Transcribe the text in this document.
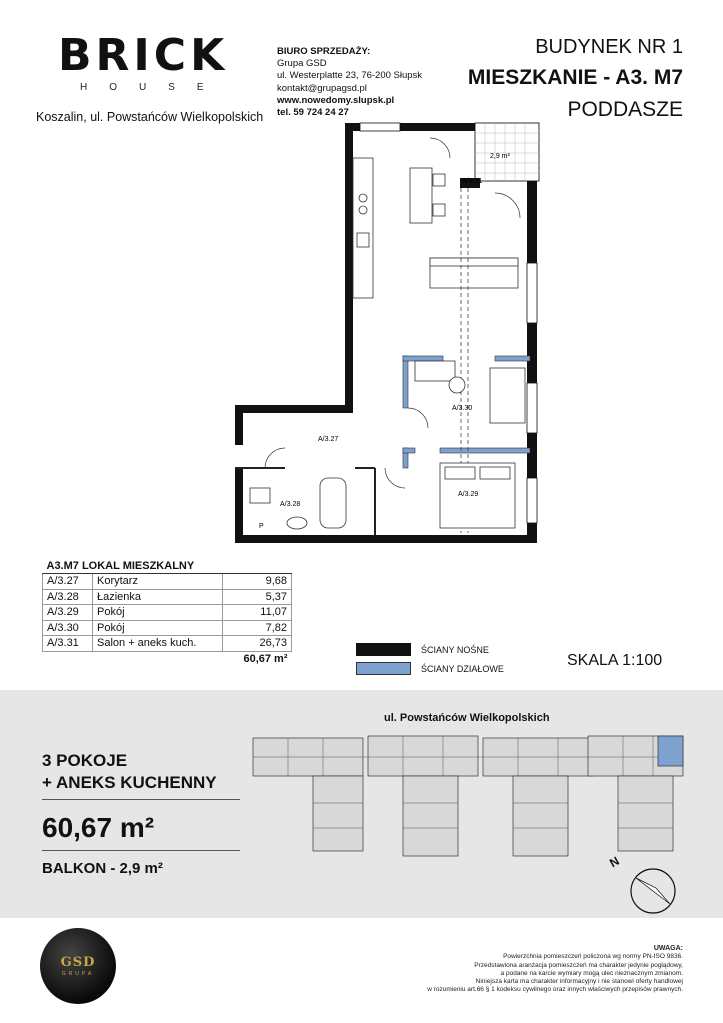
BRICK
HOUSE
Koszalin, ul. Powstańców Wielkopolskich
BIURO SPRZEDAŻY:
Grupa GSD
ul. Westerplatte 23, 76-200 Słupsk
kontakt@grupagsd.pl
www.nowedomy.slupsk.pl
tel. 59 724 24 27
BUDYNEK NR 1
MIESZKANIE - A3. M7
PODDASZE
2,9 m²
A/3.31
A/3.30
A/3.27
A/3.28
A/3.29
P
A3.M7 LOKAL MIESZKALNY		
A/3.27	Korytarz	9,68
A/3.28	Łazienka	5,37
A/3.29	Pokój	11,07
A/3.30	Pokój	7,82
A/3.31	Salon + aneks kuch.	26,73
		60,67 m²
ŚCIANY NOŚNE
ŚCIANY DZIAŁOWE	SKALA 1:100
3 POKOJE
+ ANEKS KUCHENNY
60,67 m²
BALKON - 2,9 m²
ul. Powstańców Wielkopolskich
N
GSD
GRUPA
UWAGA:
Powierzchnia pomieszczeń policzona wg normy PN-ISO 9836.
Przedstawiona aranżacja pomieszczeń ma charakter jedynie poglądowy,
a podane na karcie wymiary mogą ulec nieznacznym zmianom.
Niniejsza karta ma charakter informacyjny i nie stanowi oferty handlowej
w rozumieniu art.66 § 1 kodeksu cywilnego oraz innych właściwych przepisów prawnych.
